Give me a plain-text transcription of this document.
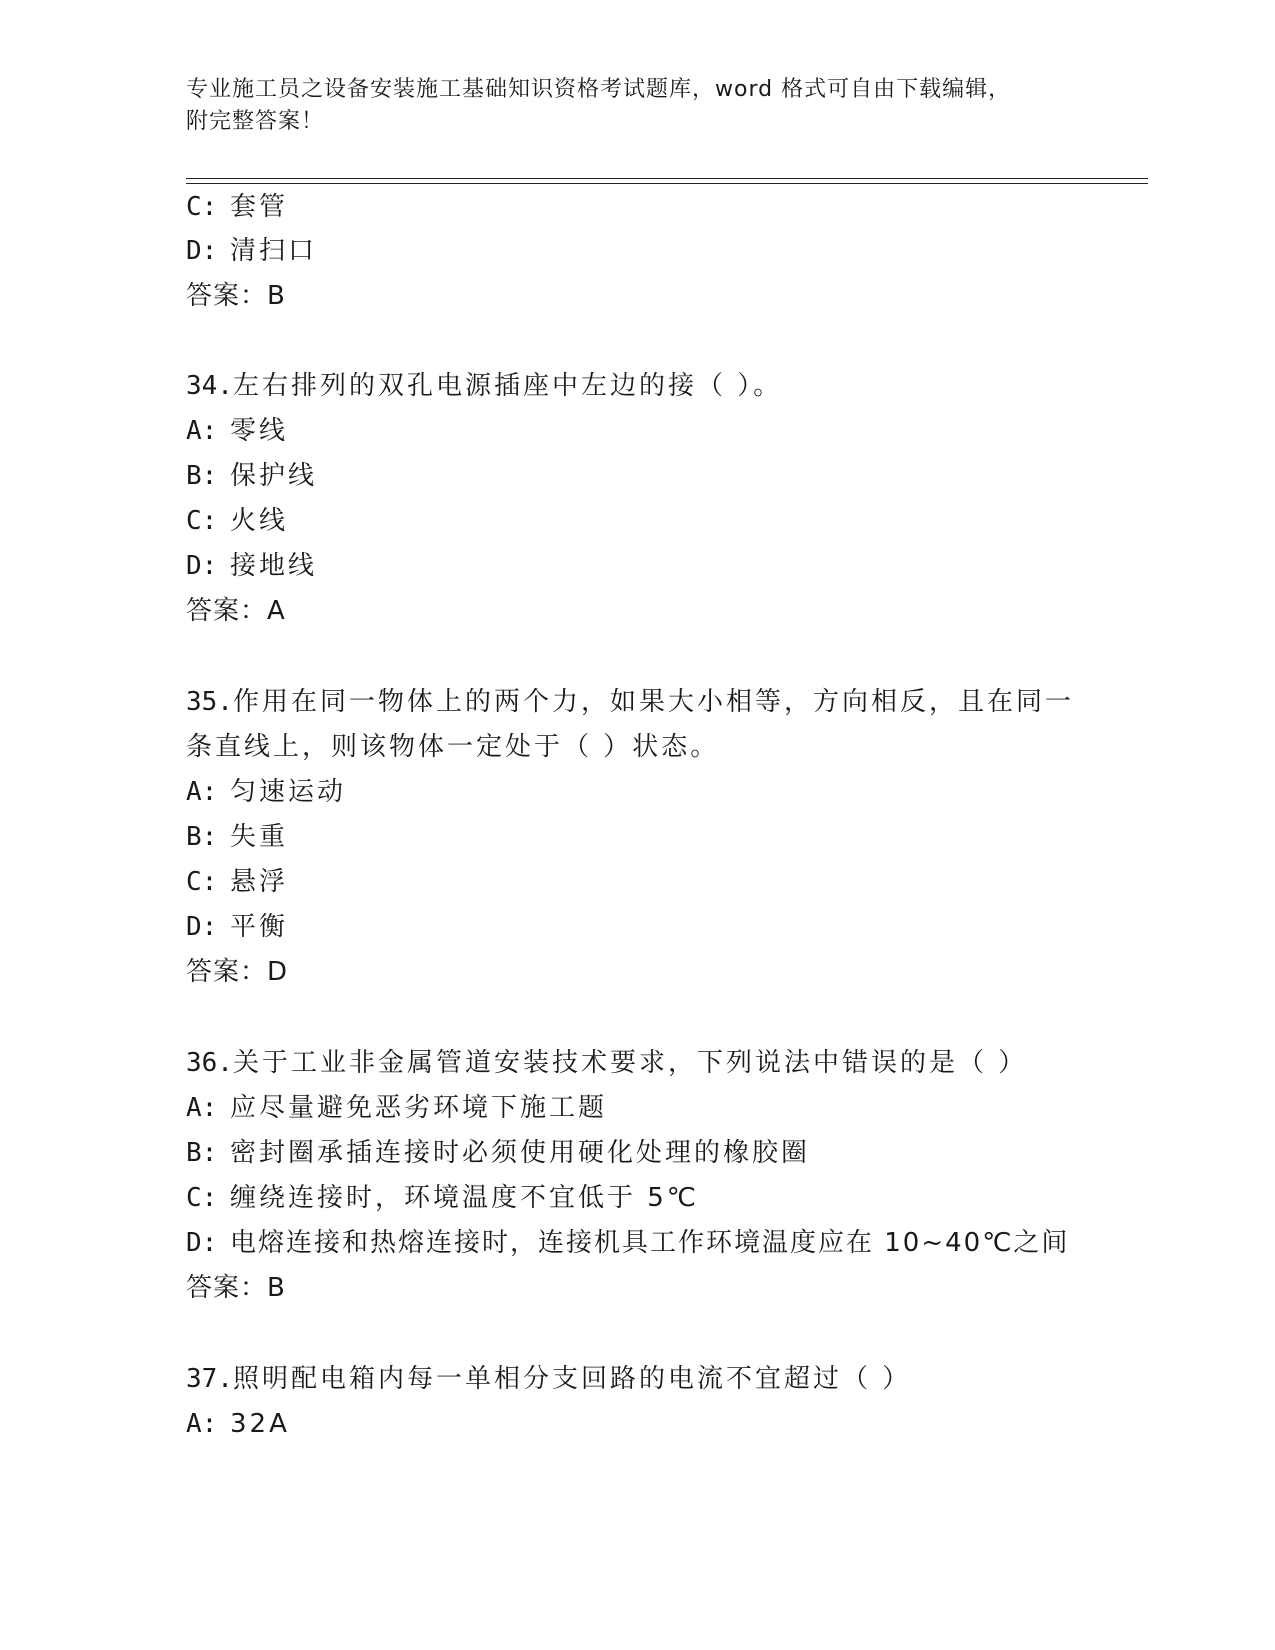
专业施工员之设备安装施工基础知识资格考试题库，word 格式可自由下载编辑，
附完整答案！
C: 套管
D: 清扫口
答案：B
34.左右排列的双孔电源插座中左边的接（ ）。
A: 零线
B: 保护线
C: 火线
D: 接地线
答案：A
35.作用在同一物体上的两个力，如果大小相等，方向相反，且在同一
条直线上，则该物体一定处于（ ）状态。
A: 匀速运动
B: 失重
C: 悬浮
D: 平衡
答案：D
36.关于工业非金属管道安装技术要求，下列说法中错误的是（ ）
A: 应尽量避免恶劣环境下施工题
B: 密封圈承插连接时必须使用硬化处理的橡胶圈
C: 缠绕连接时，环境温度不宜低于 5℃
D: 电熔连接和热熔连接时，连接机具工作环境温度应在 10~40℃之间
答案：B
37.照明配电箱内每一单相分支回路的电流不宜超过（ ）
A: 32A
